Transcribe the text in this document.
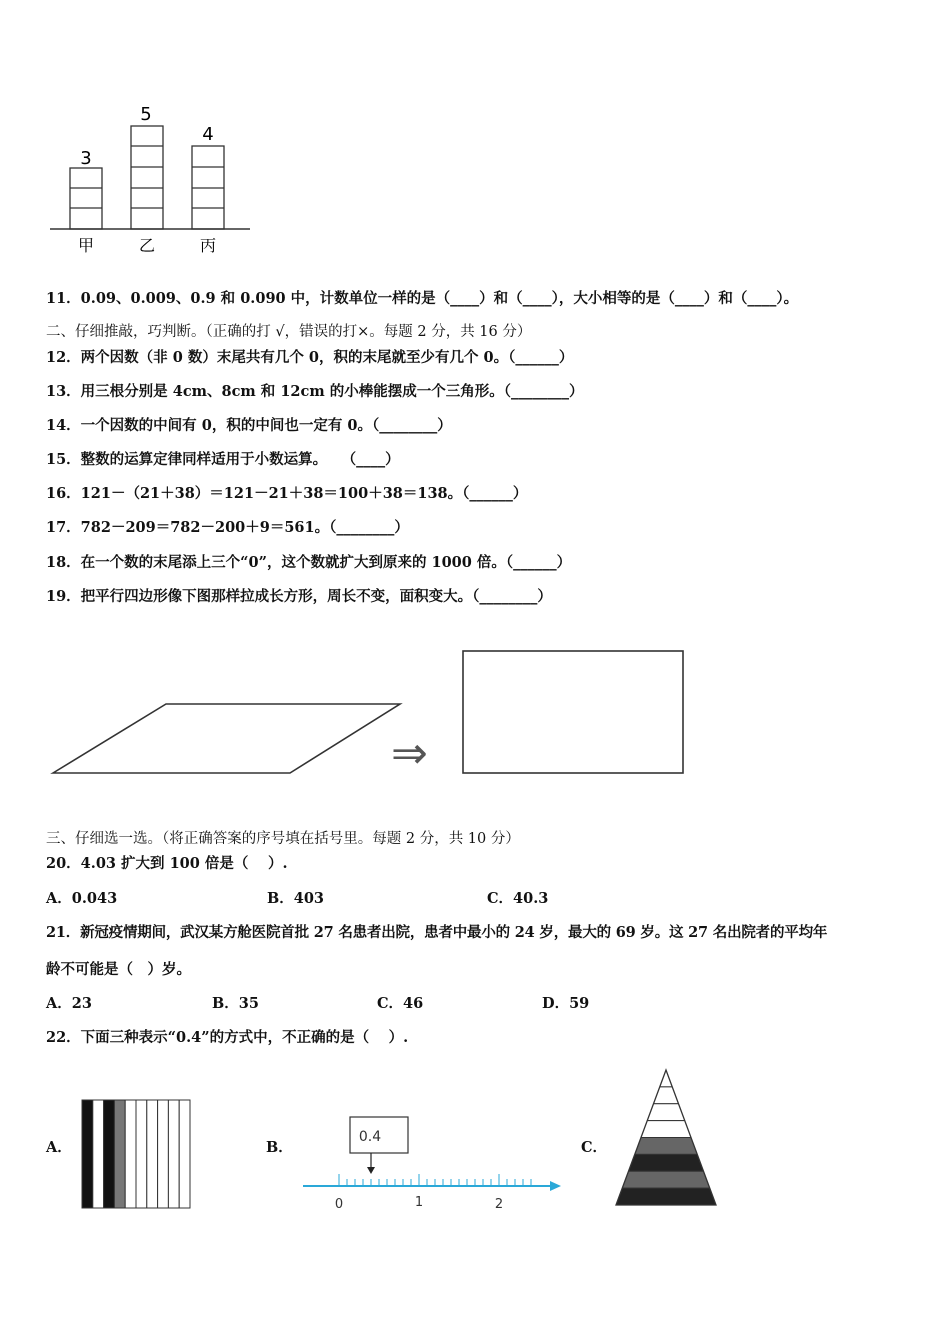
3
甲
5
乙
4
丙
11．0.09、0.009、0.9 和 0.090 中，计数单位一样的是（____）和（____），大小相等的是（____）和（____）。
二、仔细推敲，巧判断。（正确的打 √，错误的打×。每题 2 分，共 16 分）
12．两个因数（非 0 数）末尾共有几个 0，积的末尾就至少有几个 0。（______）
13．用三根分别是 4cm、8cm 和 12cm 的小棒能摆成一个三角形。（________）
14．一个因数的中间有 0，积的中间也一定有 0。（________）
15．整数的运算定律同样适用于小数运算。　　（____）
16．121－（21＋38）＝121－21＋38＝100＋38＝138。（______）
17．782－209＝782－200＋9＝561。（________）
18．在一个数的末尾添上三个“0”，这个数就扩大到原来的 1000 倍。（______）
19．把平行四边形像下图那样拉成长方形，周长不变，面积变大。（________）
⇒
三、仔细选一选。（将正确答案的序号填在括号里。每题 2 分，共 10 分）
20．4.03 扩大到 100 倍是（　 ）.
A．0.043	B．403	C．40.3
21．新冠疫情期间，武汉某方舱医院首批 27 名患者出院，患者中最小的 24 岁，最大的 69 岁。这 27 名出院者的平均年
龄不可能是（　）岁。
A．23	B．35	C．46	D．59
22．下面三种表示“0.4”的方式中，不正确的是（　 ）.
A．	B．
0.4
0	1	2
C．
